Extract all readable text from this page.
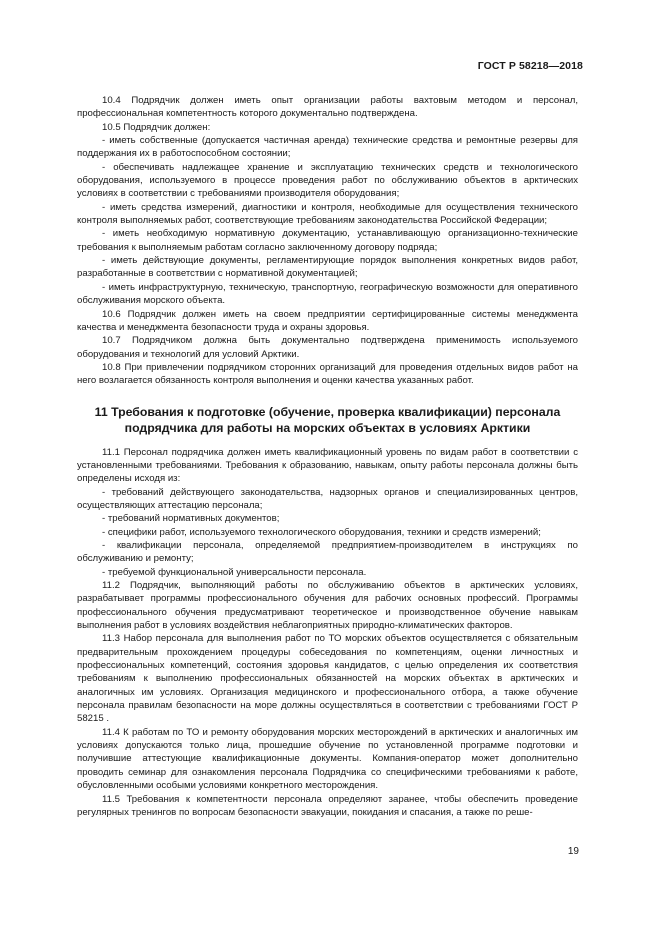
ГОСТ Р 58218—2018

10.4 Подрядчик должен иметь опыт организации работы вахтовым методом и персонал, профессиональная компетентность которого документально подтверждена.

10.5 Подрядчик должен:

- иметь собственные (допускается частичная аренда) технические средства и ремонтные резервы для поддержания их в работоспособном состоянии;

- обеспечивать надлежащее хранение и эксплуатацию технических средств и технологического оборудования, используемого в процессе проведения работ по обслуживанию объектов в арктических условиях в соответствии с требованиями производителя оборудования;

- иметь средства измерений, диагностики и контроля, необходимые для осуществления технического контроля выполняемых работ, соответствующие требованиям законодательства Российской Федерации;

- иметь необходимую нормативную документацию, устанавливающую организационно-технические требования к выполняемым работам согласно заключенному договору подряда;

- иметь действующие документы, регламентирующие порядок выполнения конкретных видов работ, разработанные в соответствии с нормативной документацией;

- иметь инфраструктурную, техническую, транспортную, географическую возможности для оперативного обслуживания морского объекта.

10.6 Подрядчик должен иметь на своем предприятии сертифицированные системы менеджмента качества и менеджмента безопасности труда и охраны здоровья.

10.7 Подрядчиком должна быть документально подтверждена применимость используемого оборудования и технологий для условий Арктики.

10.8 При привлечении подрядчиком сторонних организаций для проведения отдельных видов работ на него возлагается обязанность контроля выполнения и оценки качества указанных работ.

11 Требования к подготовке (обучение, проверка квалификации) персонала

подрядчика для работы на морских объектах в условиях Арктики

11.1 Персонал подрядчика должен иметь квалификационный уровень по видам работ в соответствии с установленными требованиями. Требования к образованию, навыкам, опыту работы персонала должны быть определены исходя из:

- требований действующего законодательства, надзорных органов и специализированных центров, осуществляющих аттестацию персонала;

- требований нормативных документов;

- специфики работ, используемого технологического оборудования, техники и средств измерений;

- квалификации персонала, определяемой предприятием-производителем в инструкциях по обслуживанию и ремонту;

- требуемой функциональной универсальности персонала.

11.2 Подрядчик, выполняющий работы по обслуживанию объектов в арктических условиях, разрабатывает программы профессионального обучения для рабочих основных профессий. Программы профессионального обучения предусматривают теоретическое и производственное обучение навыкам выполнения работ в условиях воздействия неблагоприятных природно-климатических факторов.

11.3 Набор персонала для выполнения работ по ТО морских объектов осуществляется с обязательным предварительным прохождением процедуры собеседования по компетенциям, оценки личностных и профессиональных компетенций, состояния здоровья кандидатов, с целью определения их соответствия требованиям к выполнению профессиональных обязанностей на морских объектах в арктических и аналогичных им условиях. Организация медицинского и профессионального отбора, а также обучение персонала правилам безопасности на море должны осуществляться в соответствии с требованиями ГОСТ Р 58215 .

11.4 К работам по ТО и ремонту оборудования морских месторождений в арктических и аналогичных им условиях допускаются только лица, прошедшие обучение по установленной программе подготовки и получившие аттестующие квалификационные документы. Компания-оператор может дополнительно проводить семинар для ознакомления персонала Подрядчика со специфическими требованиями к работе, обусловленными особыми условиями конкретного месторождения.

11.5 Требования к компетентности персонала определяют заранее, чтобы обеспечить проведение регулярных тренингов по вопросам безопасности эвакуации, покидания и спасания, а также по реше-

19
